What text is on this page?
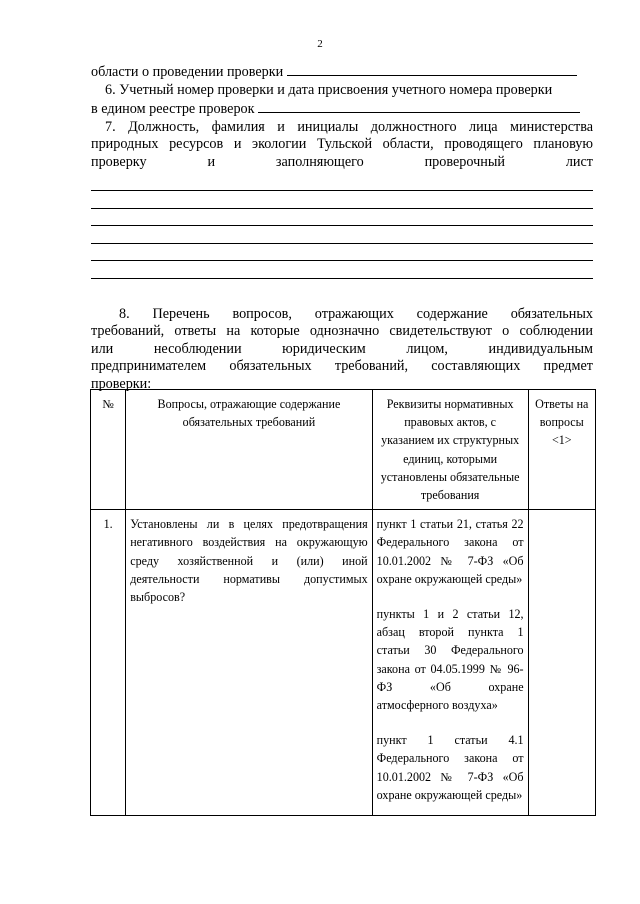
2
области о проведении проверки
6. Учетный номер проверки и дата присвоения учетного номера проверки
в едином реестре проверок
7. Должность, фамилия и инициалы должностного лица министерства
природных ресурсов и экологии Тульской области, проводящего плановую
проверку и заполняющего проверочный лист
8. Перечень вопросов, отражающих содержание обязательных
требований, ответы на которые однозначно свидетельствуют о соблюдении
или несоблюдении юридическим лицом, индивидуальным
предпринимателем обязательных требований, составляющих предмет
проверки:
№	Вопросы, отражающие содержание обязательных требований	Реквизиты нормативных правовых актов, с указанием их структурных единиц, которыми установлены обязательные требования	Ответы на вопросы <1>
1.	Установлены ли в целях предотвращения негативного воздействия на окружающую среду хозяйственной и (или) иной деятельности нормативы допустимых выбросов?	пункт 1 статьи 21, статья 22 Федерального закона от 10.01.2002 № 7-ФЗ «Об охране окружающей среды»
пункты 1 и 2 статьи 12, абзац второй пункта 1 статьи 30 Федерального закона от 04.05.1999 № 96-ФЗ «Об охране атмосферного воздуха»
пункт 1 статьи 4.1 Федерального закона от 10.01.2002 № 7-ФЗ «Об охране окружающей среды»	
